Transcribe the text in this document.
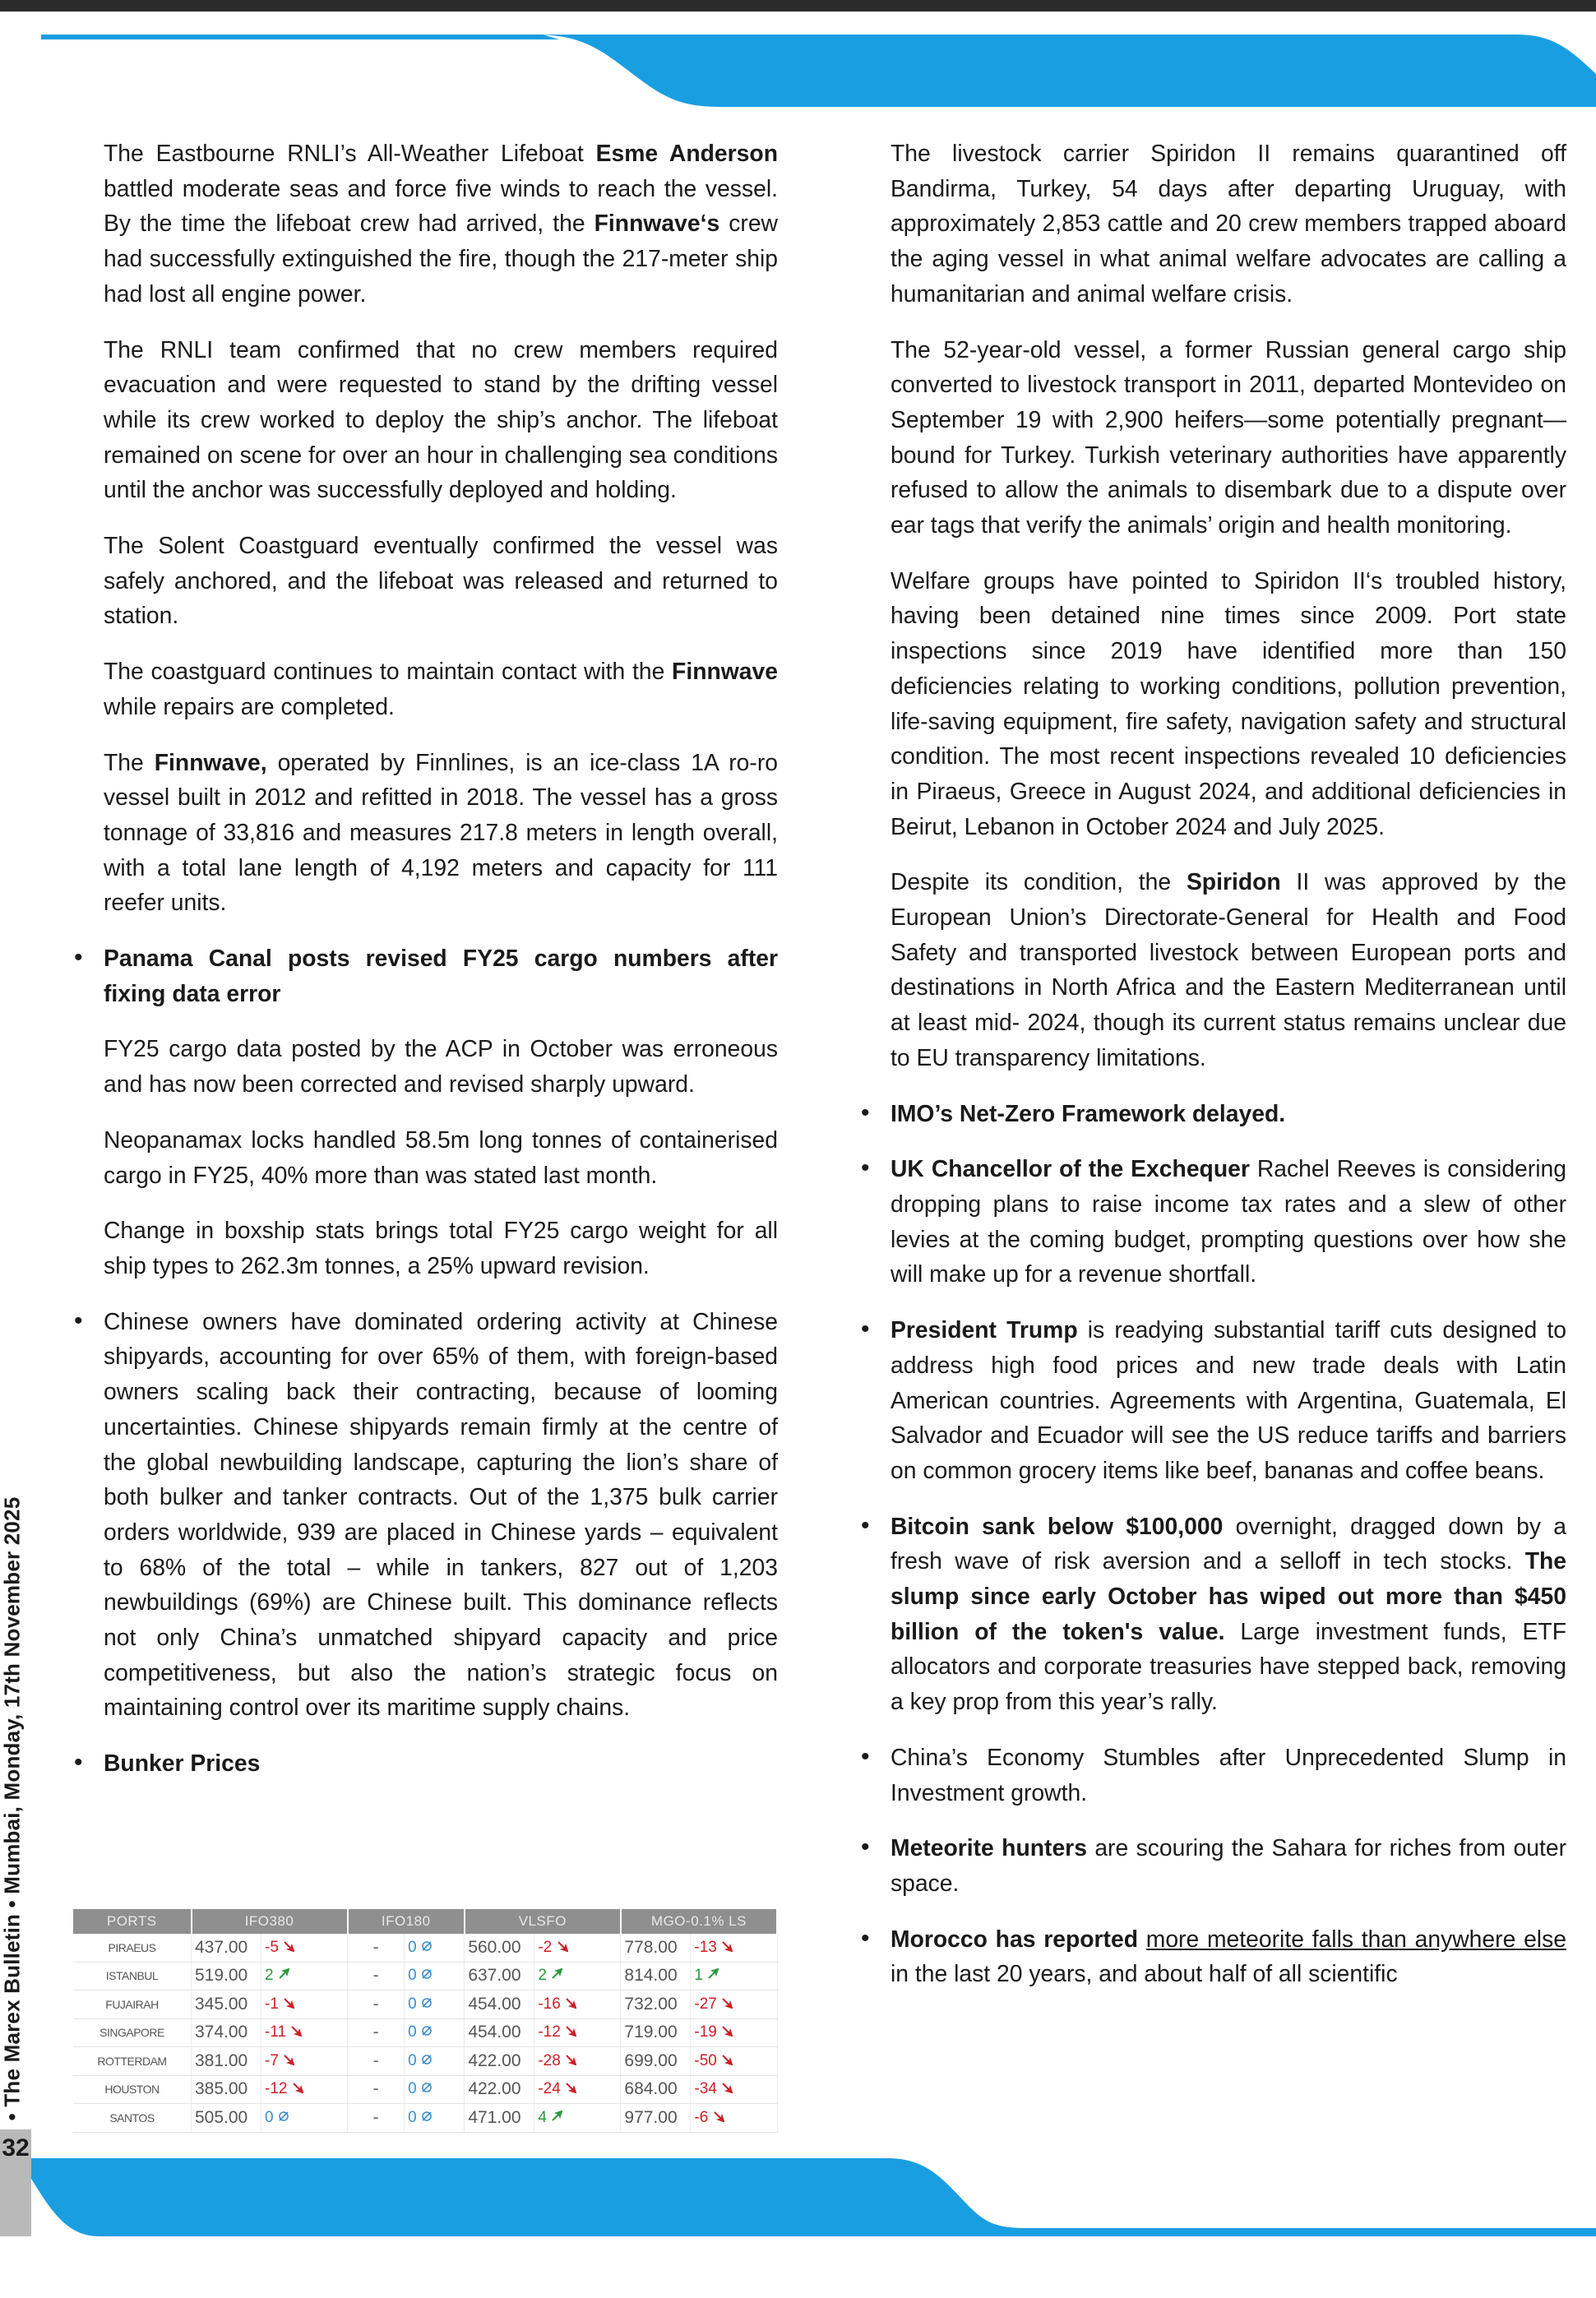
32
• The Marex Bulletin • Mumbai, Monday, 17th November 2025

The Eastbourne RNLI’s All-Weather Lifeboat Esme Anderson battled moderate seas and force five winds to reach the vessel. By the time the lifeboat crew had arrived, the Finnwave‘s crew had successfully extinguished the fire, though the 217-meter ship had lost all engine power.

The RNLI team confirmed that no crew members required evacuation and were requested to stand by the drifting vessel while its crew worked to deploy the ship’s anchor. The lifeboat remained on scene for over an hour in challenging sea conditions until the anchor was successfully deployed and holding.

The Solent Coastguard eventually confirmed the vessel was safely anchored, and the lifeboat was released and returned to station.

The coastguard continues to maintain contact with the Finnwave while repairs are completed.

The Finnwave, operated by Finnlines, is an ice-class 1A ro-ro vessel built in 2012 and refitted in 2018. The vessel has a gross tonnage of 33,816 and measures 217.8 meters in length overall, with a total lane length of 4,192 meters and capacity for 111 reefer units.

• Panama Canal posts revised FY25 cargo numbers after fixing data error

FY25 cargo data posted by the ACP in October was erroneous and has now been corrected and revised sharply upward.

Neopanamax locks handled 58.5m long tonnes of containerised cargo in FY25, 40% more than was stated last month.

Change in boxship stats brings total FY25 cargo weight for all ship types to 262.3m tonnes, a 25% upward revision.

• Chinese owners have dominated ordering activity at Chinese shipyards, accounting for over 65% of them, with foreign-based owners scaling back their contracting, because of looming uncertainties. Chinese shipyards remain firmly at the centre of the global newbuilding landscape, capturing the lion’s share of both bulker and tanker contracts. Out of the 1,375 bulk carrier orders worldwide, 939 are placed in Chinese yards – equivalent to 68% of the total – while in tankers, 827 out of 1,203 newbuildings (69%) are Chinese built. This dominance reflects not only China’s unmatched shipyard capacity and price competitiveness, but also the nation’s strategic focus on maintaining control over its maritime supply chains.
• Bunker Prices
PORTS	IFO380		IFO180		VLSFO		MGO-0.1% LS	
PIRAEUS	437.00	-5	-	0	560.00	-2	778.00	-13
ISTANBUL	519.00	2	-	0	637.00	2	814.00	1
FUJAIRAH	345.00	-1	-	0	454.00	-16	732.00	-27
SINGAPORE	374.00	-11	-	0	454.00	-12	719.00	-19
ROTTERDAM	381.00	-7	-	0	422.00	-28	699.00	-50
HOUSTON	385.00	-12	-	0	422.00	-24	684.00	-34
SANTOS	505.00	0	-	0	471.00	4	977.00	-6

The livestock carrier Spiridon II remains quarantined off Bandirma, Turkey, 54 days after departing Uruguay, with approximately 2,853 cattle and 20 crew members trapped aboard the aging vessel in what animal welfare advocates are calling a humanitarian and animal welfare crisis.

The 52-year-old vessel, a former Russian general cargo ship converted to livestock transport in 2011, departed Montevideo on September 19 with 2,900 heifers—some potentially pregnant— bound for Turkey. Turkish veterinary authorities have apparently refused to allow the animals to disembark due to a dispute over ear tags that verify the animals’ origin and health monitoring.

Welfare groups have pointed to Spiridon II‘s troubled history, having been detained nine times since 2009. Port state inspections since 2019 have identified more than 150 deficiencies relating to working conditions, pollution prevention, life-saving equipment, fire safety, navigation safety and structural condition. The most recent inspections revealed 10 deficiencies in Piraeus, Greece in August 2024, and additional deficiencies in Beirut, Lebanon in October 2024 and July 2025.

Despite its condition, the Spiridon II was approved by the European Union’s Directorate-General for Health and Food Safety and transported livestock between European ports and destinations in North Africa and the Eastern Mediterranean until at least mid- 2024, though its current status remains unclear due to EU transparency limitations.

• IMO’s Net-Zero Framework delayed.
• UK Chancellor of the Exchequer Rachel Reeves is considering dropping plans to raise income tax rates and a slew of other levies at the coming budget, prompting questions over how she will make up for a revenue shortfall.
• President Trump is readying substantial tariff cuts designed to address high food prices and new trade deals with Latin American countries. Agreements with Argentina, Guatemala, El Salvador and Ecuador will see the US reduce tariffs and barriers on common grocery items like beef, bananas and coffee beans.
• Bitcoin sank below $100,000 overnight, dragged down by a fresh wave of risk aversion and a selloff in tech stocks. The slump since early October has wiped out more than $450 billion of the token's value. Large investment funds, ETF allocators and corporate treasuries have stepped back, removing a key prop from this year’s rally.
• China’s Economy Stumbles after Unprecedented Slump in Investment growth.
• Meteorite hunters are scouring the Sahara for riches from outer space.
• Morocco has reported more meteorite falls than anywhere else in the last 20 years, and about half of all scientific
